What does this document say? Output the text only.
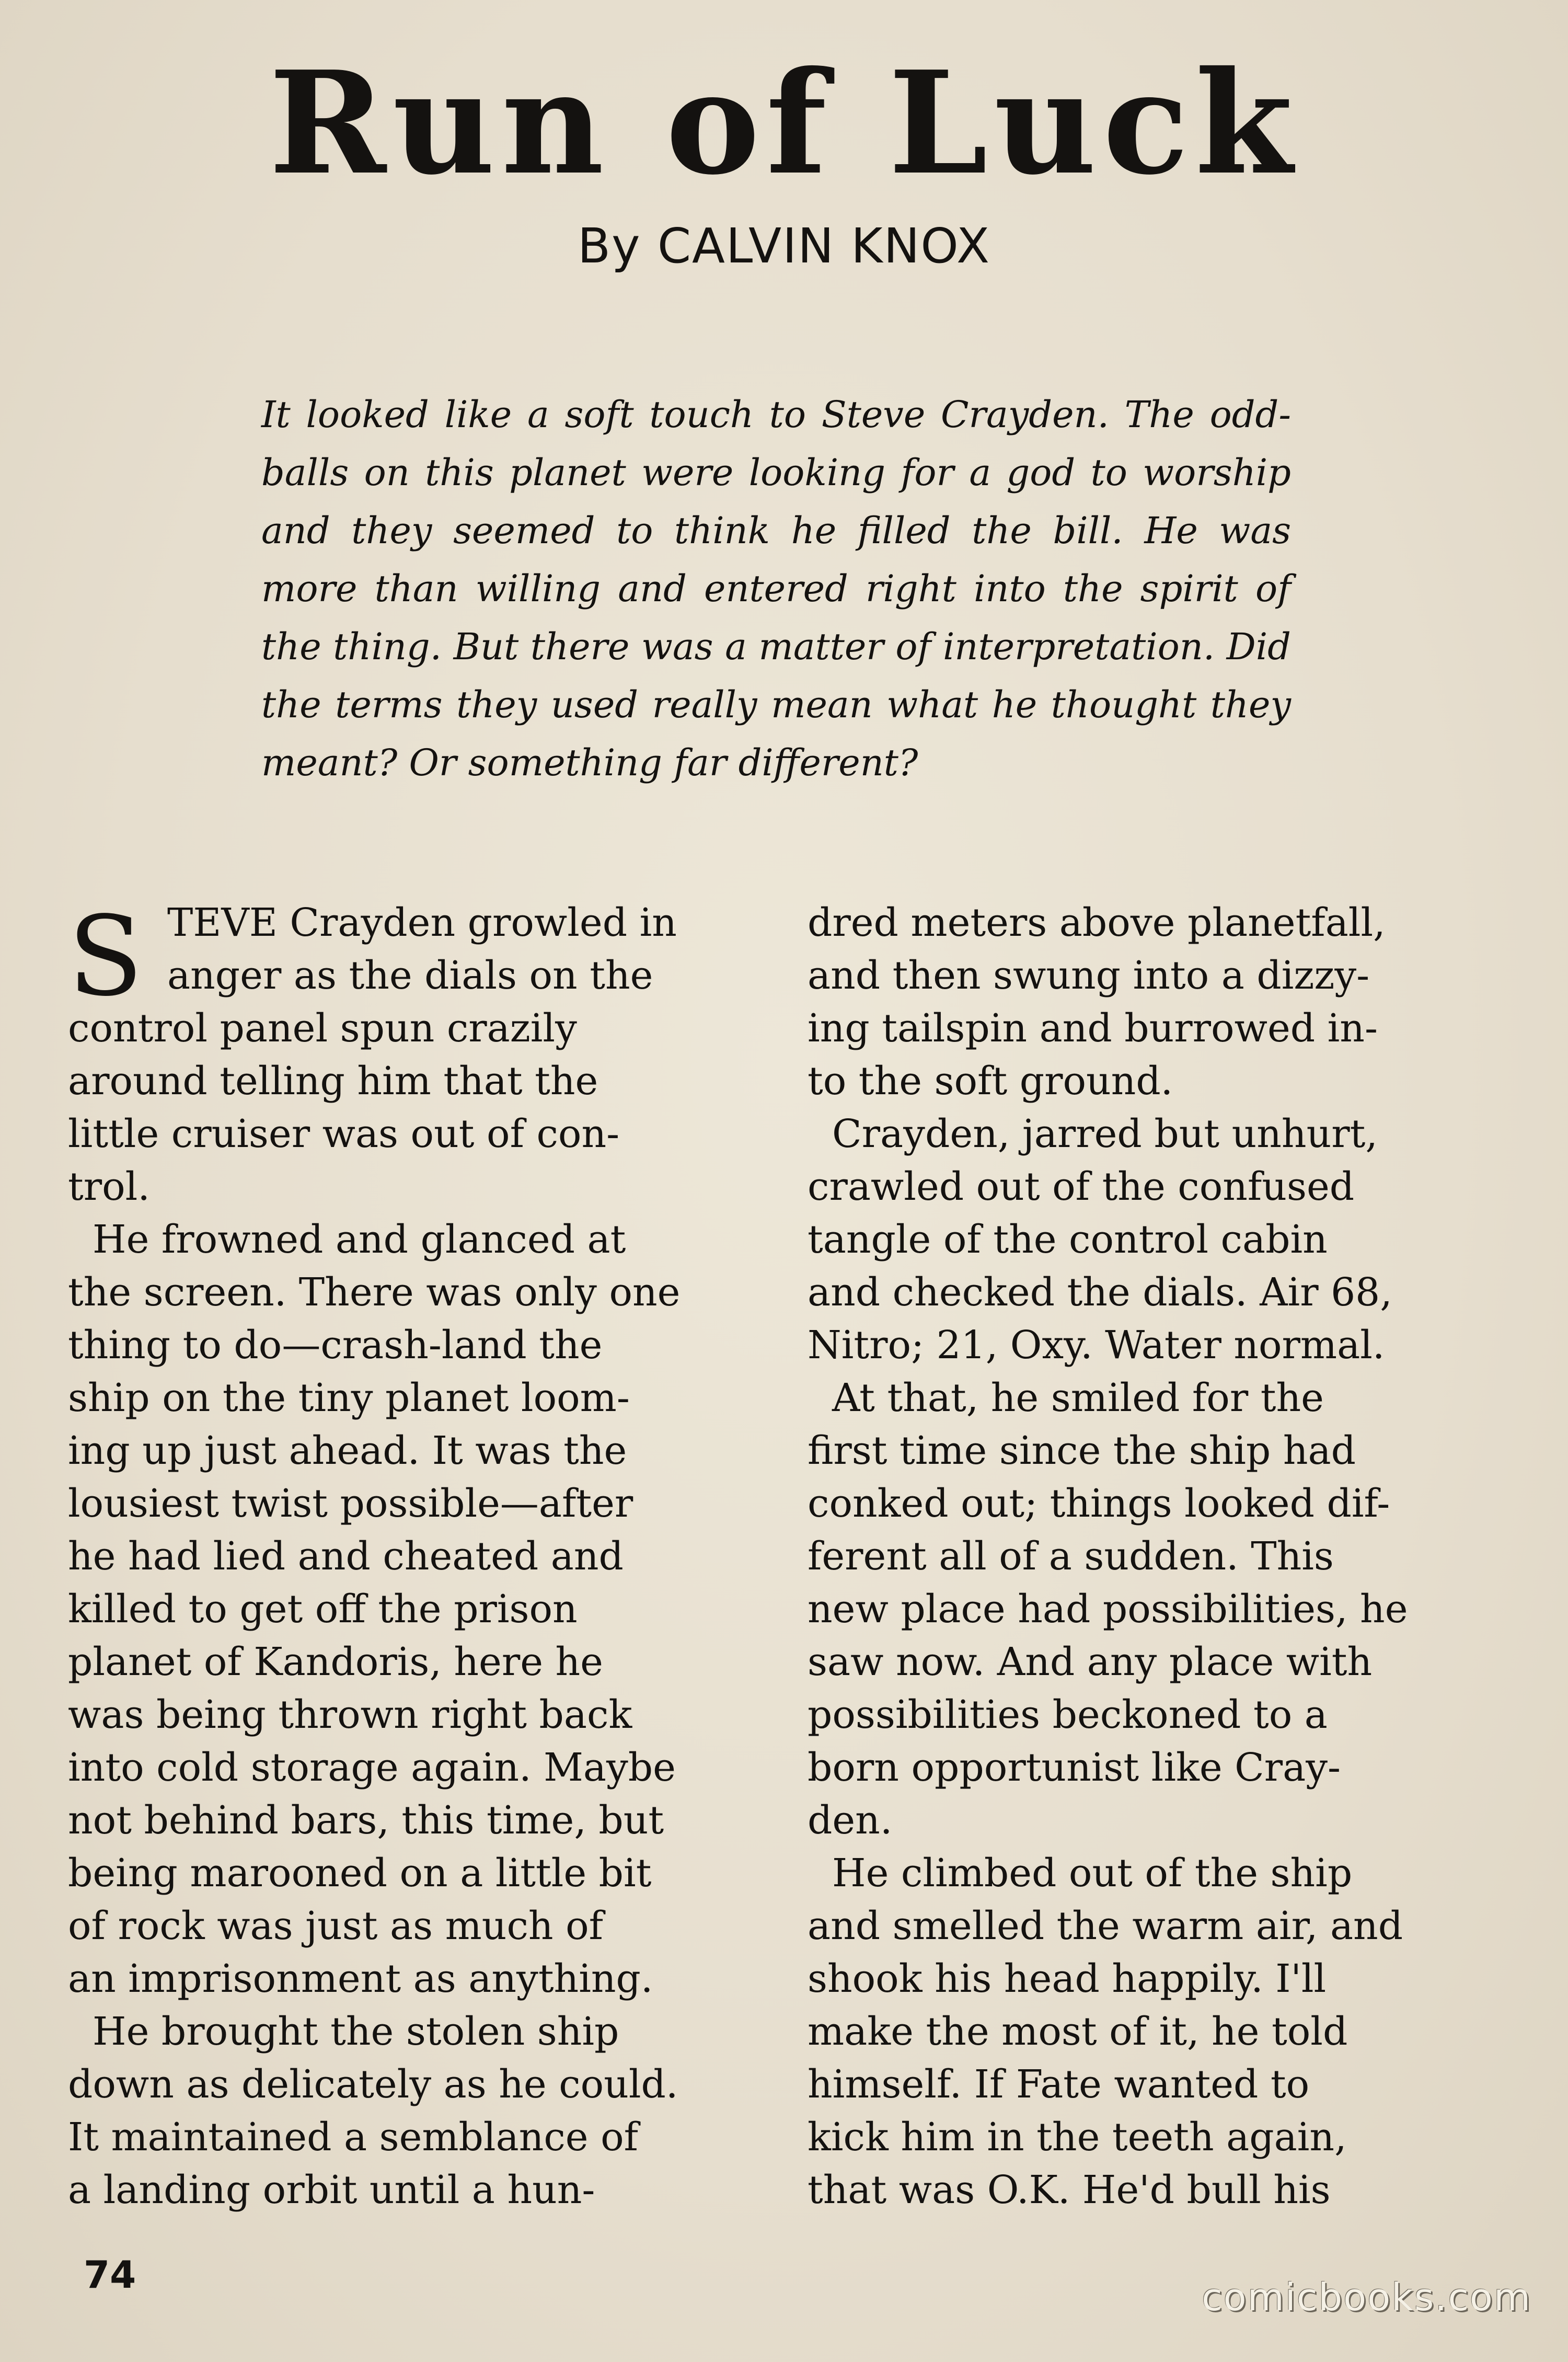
Run of Luck
By CALVIN KNOX
It looked like a soft touch to Steve Crayden. The odd-balls on this planet were looking for a god to worship and they seemed to think he filled the bill. He was more than willing and entered right into the spirit of the thing. But there was a matter of interpretation. Did the terms they used really mean what he thought they meant? Or something far different?
S TEVE Crayden growled in

anger as the dials on the

control panel spun crazily

around telling him that the

little cruiser was out of con-

trol.

He frowned and glanced at

the screen. There was only one

thing to do—crash-land the

ship on the tiny planet loom-

ing up just ahead. It was the

lousiest twist possible—after

he had lied and cheated and

killed to get off the prison

planet of Kandoris, here he

was being thrown right back

into cold storage again. Maybe

not behind bars, this time, but

being marooned on a little bit

of rock was just as much of

an imprisonment as anything.

He brought the stolen ship

down as delicately as he could.

It maintained a semblance of

a landing orbit until a hun-

dred meters above planetfall,

and then swung into a dizzy-

ing tailspin and burrowed in-

to the soft ground.

Crayden, jarred but unhurt,

crawled out of the confused

tangle of the control cabin

and checked the dials. Air 68,

Nitro; 21, Oxy. Water normal.

At that, he smiled for the

first time since the ship had

conked out; things looked dif-

ferent all of a sudden. This

new place had possibilities, he

saw now. And any place with

possibilities beckoned to a

born opportunist like Cray-

den.

He climbed out of the ship

and smelled the warm air, and

shook his head happily. I'll

make the most of it, he told

himself. If Fate wanted to

kick him in the teeth again,

that was O.K. He'd bull his

74
comicbooks.com
